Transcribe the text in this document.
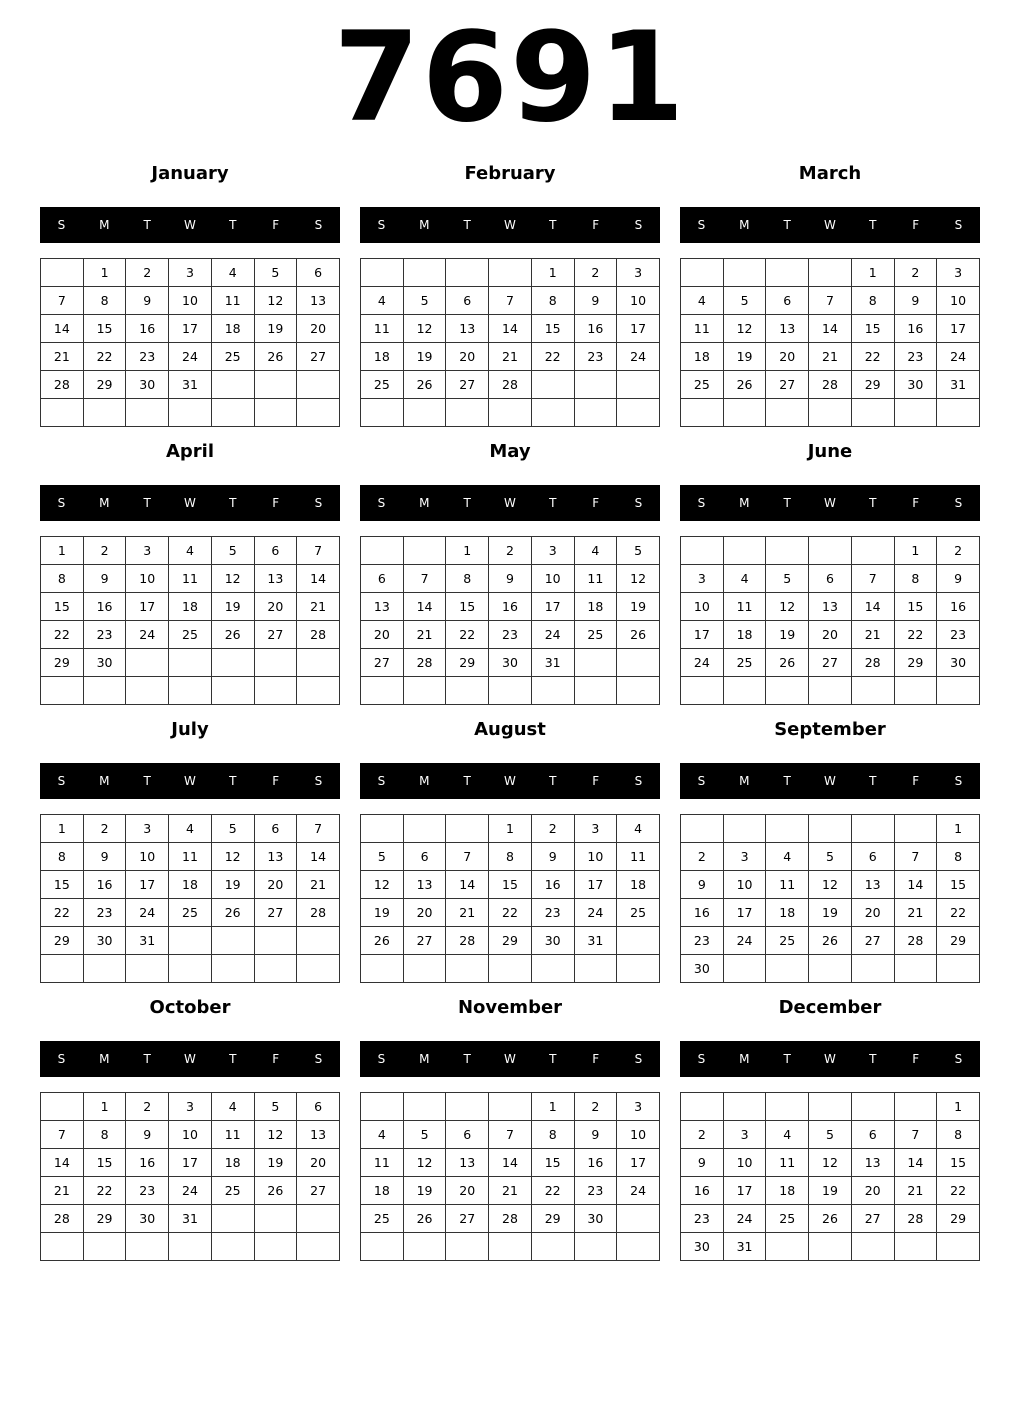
7691
January
S	M	T	W	T	F	S
	1	2	3	4	5	6
7	8	9	10	11	12	13
14	15	16	17	18	19	20
21	22	23	24	25	26	27
28	29	30	31			

February
S	M	T	W	T	F	S
				1	2	3
4	5	6	7	8	9	10
11	12	13	14	15	16	17
18	19	20	21	22	23	24
25	26	27	28			

March
S	M	T	W	T	F	S
				1	2	3
4	5	6	7	8	9	10
11	12	13	14	15	16	17
18	19	20	21	22	23	24
25	26	27	28	29	30	31

April
S	M	T	W	T	F	S
1	2	3	4	5	6	7
8	9	10	11	12	13	14
15	16	17	18	19	20	21
22	23	24	25	26	27	28
29	30					

May
S	M	T	W	T	F	S
		1	2	3	4	5
6	7	8	9	10	11	12
13	14	15	16	17	18	19
20	21	22	23	24	25	26
27	28	29	30	31		

June
S	M	T	W	T	F	S
					1	2
3	4	5	6	7	8	9
10	11	12	13	14	15	16
17	18	19	20	21	22	23
24	25	26	27	28	29	30

July
S	M	T	W	T	F	S
1	2	3	4	5	6	7
8	9	10	11	12	13	14
15	16	17	18	19	20	21
22	23	24	25	26	27	28
29	30	31				

August
S	M	T	W	T	F	S
			1	2	3	4
5	6	7	8	9	10	11
12	13	14	15	16	17	18
19	20	21	22	23	24	25
26	27	28	29	30	31	

September
S	M	T	W	T	F	S
						1
2	3	4	5	6	7	8
9	10	11	12	13	14	15
16	17	18	19	20	21	22
23	24	25	26	27	28	29
30						
October
S	M	T	W	T	F	S
	1	2	3	4	5	6
7	8	9	10	11	12	13
14	15	16	17	18	19	20
21	22	23	24	25	26	27
28	29	30	31			

November
S	M	T	W	T	F	S
				1	2	3
4	5	6	7	8	9	10
11	12	13	14	15	16	17
18	19	20	21	22	23	24
25	26	27	28	29	30	

December
S	M	T	W	T	F	S
						1
2	3	4	5	6	7	8
9	10	11	12	13	14	15
16	17	18	19	20	21	22
23	24	25	26	27	28	29
30	31					
